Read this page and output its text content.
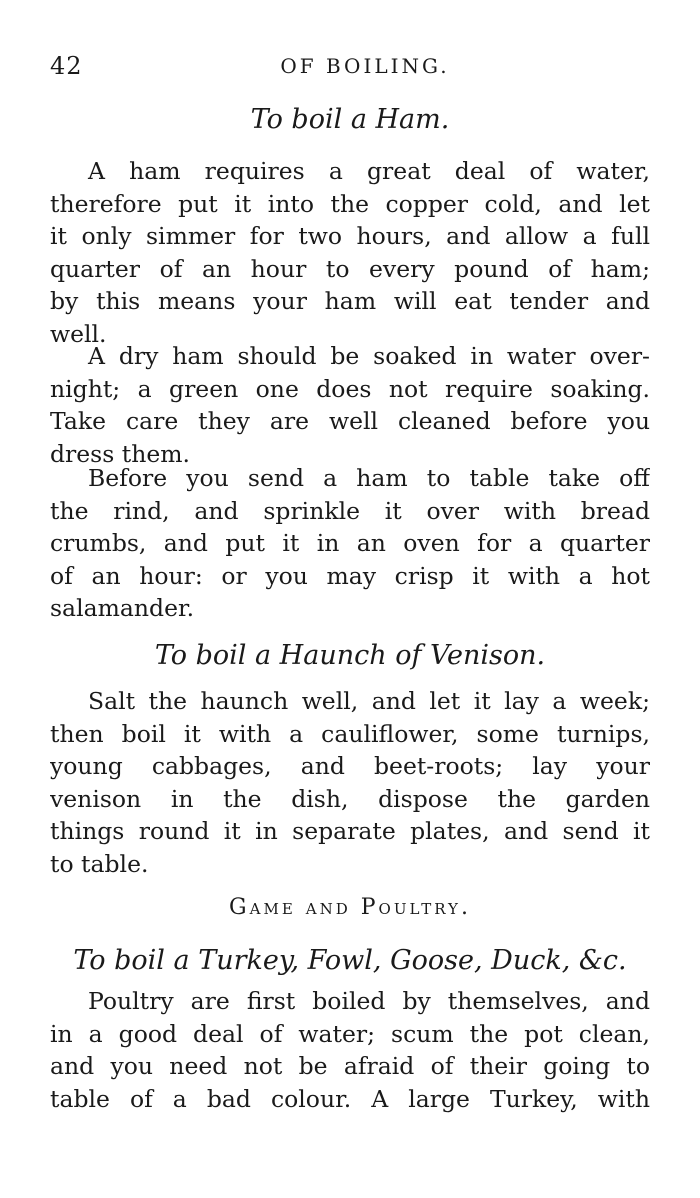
42	OF BOILING.
To boil a Ham.
A ham requires a great deal of water,
therefore put it into the copper cold, and let
it only simmer for two hours, and allow a full
quarter of an hour to every pound of ham;
by this means your ham will eat tender and
well.
A dry ham should be soaked in water over-
night; a green one does not require soaking.
Take care they are well cleaned before you
dress them.
Before you send a ham to table take off
the rind, and sprinkle it over with bread
crumbs, and put it in an oven for a quarter
of an hour: or you may crisp it with a hot
salamander.
To boil a Haunch of Venison.
Salt the haunch well, and let it lay a week;
then boil it with a cauliflower, some turnips,
young cabbages, and beet-roots; lay your
venison in the dish, dispose the garden
things round it in separate plates, and send it
to table.
Game and Poultry.
To boil a Turkey, Fowl, Goose, Duck, &c.
Poultry are first boiled by themselves, and
in a good deal of water; scum the pot clean,
and you need not be afraid of their going to
table of a bad colour. A large Turkey, with
